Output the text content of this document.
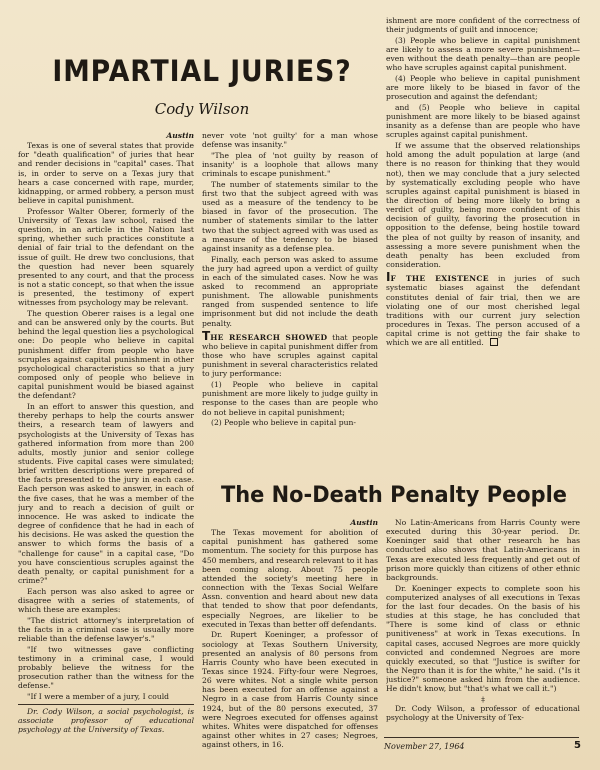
IMPARTIAL JURIES?
Cody Wilson
Austin

Texas is one of several states that provide for "death qualification" of juries that hear and render decisions in "capital" cases. That is, in order to serve on a Texas jury that hears a case concerned with rape, murder, kidnapping, or armed robbery, a person must believe in capital punishment.

Professor Walter Oberer, formerly of the University of Texas law school, raised the question, in an article in the Nation last spring, whether such practices constitute a denial of fair trial to the defendant on the issue of guilt. He drew two conclusions, that the question had never been squarely presented to any court, and that the process is not a static concept, so that when the issue is presented, the testimony of expert witnesses from psychology may be relevant.

The question Oberer raises is a legal one and can be answered only by the courts. But behind the legal question lies a psychological one: Do people who believe in capital punishment differ from people who have scruples against capital punishment in other psychological characteristics so that a jury composed only of people who believe in capital punishment would be biased against the defendant?

In an effort to answer this question, and thereby perhaps to help the courts answer theirs, a research team of lawyers and psychologists at the University of Texas has gathered information from more than 200 adults, mostly junior and senior college students. Five capital cases were simulated; brief written descriptions were prepared of the facts presented to the jury in each case. Each person was asked to answer, in each of the five cases, that he was a member of the jury and to reach a decision of guilt or innocence. He was asked to indicate the degree of confidence that he had in each of his decisions. He was asked the question the answer to which forms the basis of a "challenge for cause" in a capital case, "Do you have conscientious scruples against the death penalty, or capital punishment for a crime?"

Each person was also asked to agree or disagree with a series of statements, of which these are examples:

"The district attorney's interpretation of the facts in a criminal case is usually more reliable than the defense lawyer's."

"If two witnesses gave conflicting testimony in a criminal case, I would probably believe the witness for the prosecution rather than the witness for the defense."

"If I were a member of a jury, I could

Dr. Cody Wilson, a social psychologist, is associate professor of educational psychology at the University of Texas.

never vote 'not guilty' for a man whose defense was insanity."

"The plea of 'not guilty by reason of insanity' is a loophole that allows many criminals to escape punishment."

The number of statements similar to the first two that the subject agreed with was used as a measure of the tendency to be biased in favor of the prosecution. The number of statements similar to the latter two that the subject agreed with was used as a measure of the tendency to be biased against insanity as a defense plea.

Finally, each person was asked to assume the jury had agreed upon a verdict of guilty in each of the simulated cases. Now he was asked to recommend an appropriate punishment. The allowable punishments ranged from suspended sentence to life imprisonment but did not include the death penalty.

THE RESEARCH SHOWED that people who believe in capital punishment differ from those who have scruples against capital punishment in several characteristics related to jury performance:

(1) People who believe in capital punishment are more likely to judge guilty in response to the cases than are people who do not believe in capital punishment;

(2) People who believe in capital pun-

ishment are more confident of the correctness of their judgments of guilt and innocence;

(3) People who believe in capital punishment are likely to assess a more severe punishment—even without the death penalty—than are people who have scruples against capital punishment.

(4) People who believe in capital punishment are more likely to be biased in favor of the prosecution and against the defendant;

and (5) People who believe in capital punishment are more likely to be biased against insanity as a defense than are people who have scruples against capital punishment.

If we assume that the observed relationships hold among the adult population at large (and there is no reason for thinking that they would not), then we may conclude that a jury selected by systematically excluding people who have scruples against capital punishment is biased in the direction of being more likely to bring a verdict of guilty, being more confident of this decision of guilty, favoring the prosecution in opposition to the defense, being hostile toward the plea of not guilty by reason of insanity, and assessing a more severe punishment when the death penalty has been excluded from consideration.

IF THE EXISTENCE in juries of such systematic biases against the defendant constitutes denial of fair trial, then we are violating one of our most cherished legal traditions with our current jury selection procedures in Texas. The person accused of a capital crime is not getting the fair shake to which we are all entitled.

The No-Death Penalty People
Austin

The Texas movement for abolition of capital punishment has gathered some momentum. The society for this purpose has 450 members, and research relevant to it has been coming along. About 75 people attended the society's meeting here in connection with the Texas Social Welfare Assn. convention and heard about new data that tended to show that poor defendants, especially Negroes, are likelier to be executed in Texas than better off defendants.

Dr. Rupert Koeninger, a professor of sociology at Texas Southern University, presented an analysis of 80 persons from Harris County who have been executed in Texas since 1924. Fifty-four were Negroes, 26 were whites. Not a single white person has been executed for an offense against a Negro in a case from Harris County since 1924, but of the 80 persons executed, 37 were Negroes executed for offenses against whites. Whites were dispatched for offenses against other whites in 27 cases; Negroes, against others, in 16.

No Latin-Americans from Harris County were executed during this 30-year period. Dr. Koeninger said that other research he has conducted also shows that Latin-Americans in Texas are executed less frequently and get out of prison more quickly than citizens of other ethnic backgrounds.

Dr. Koeninger expects to complete soon his computerized analyses of all executions in Texas for the last four decades. On the basis of his studies at this stage, he has concluded that "There is some kind of class or ethnic punitiveness" at work in Texas executions. In capital cases, accused Negroes are more quickly convicted and condemned Negroes are more quickly executed, so that "Justice is swifter for the Negro than it is for the white," he said. ("Is it justice?" someone asked him from the audience. He didn't know, but "that's what we call it.")

‡

Dr. Cody Wilson, a professor of educational psychology at the University of Tex-

November 27, 1964	5
